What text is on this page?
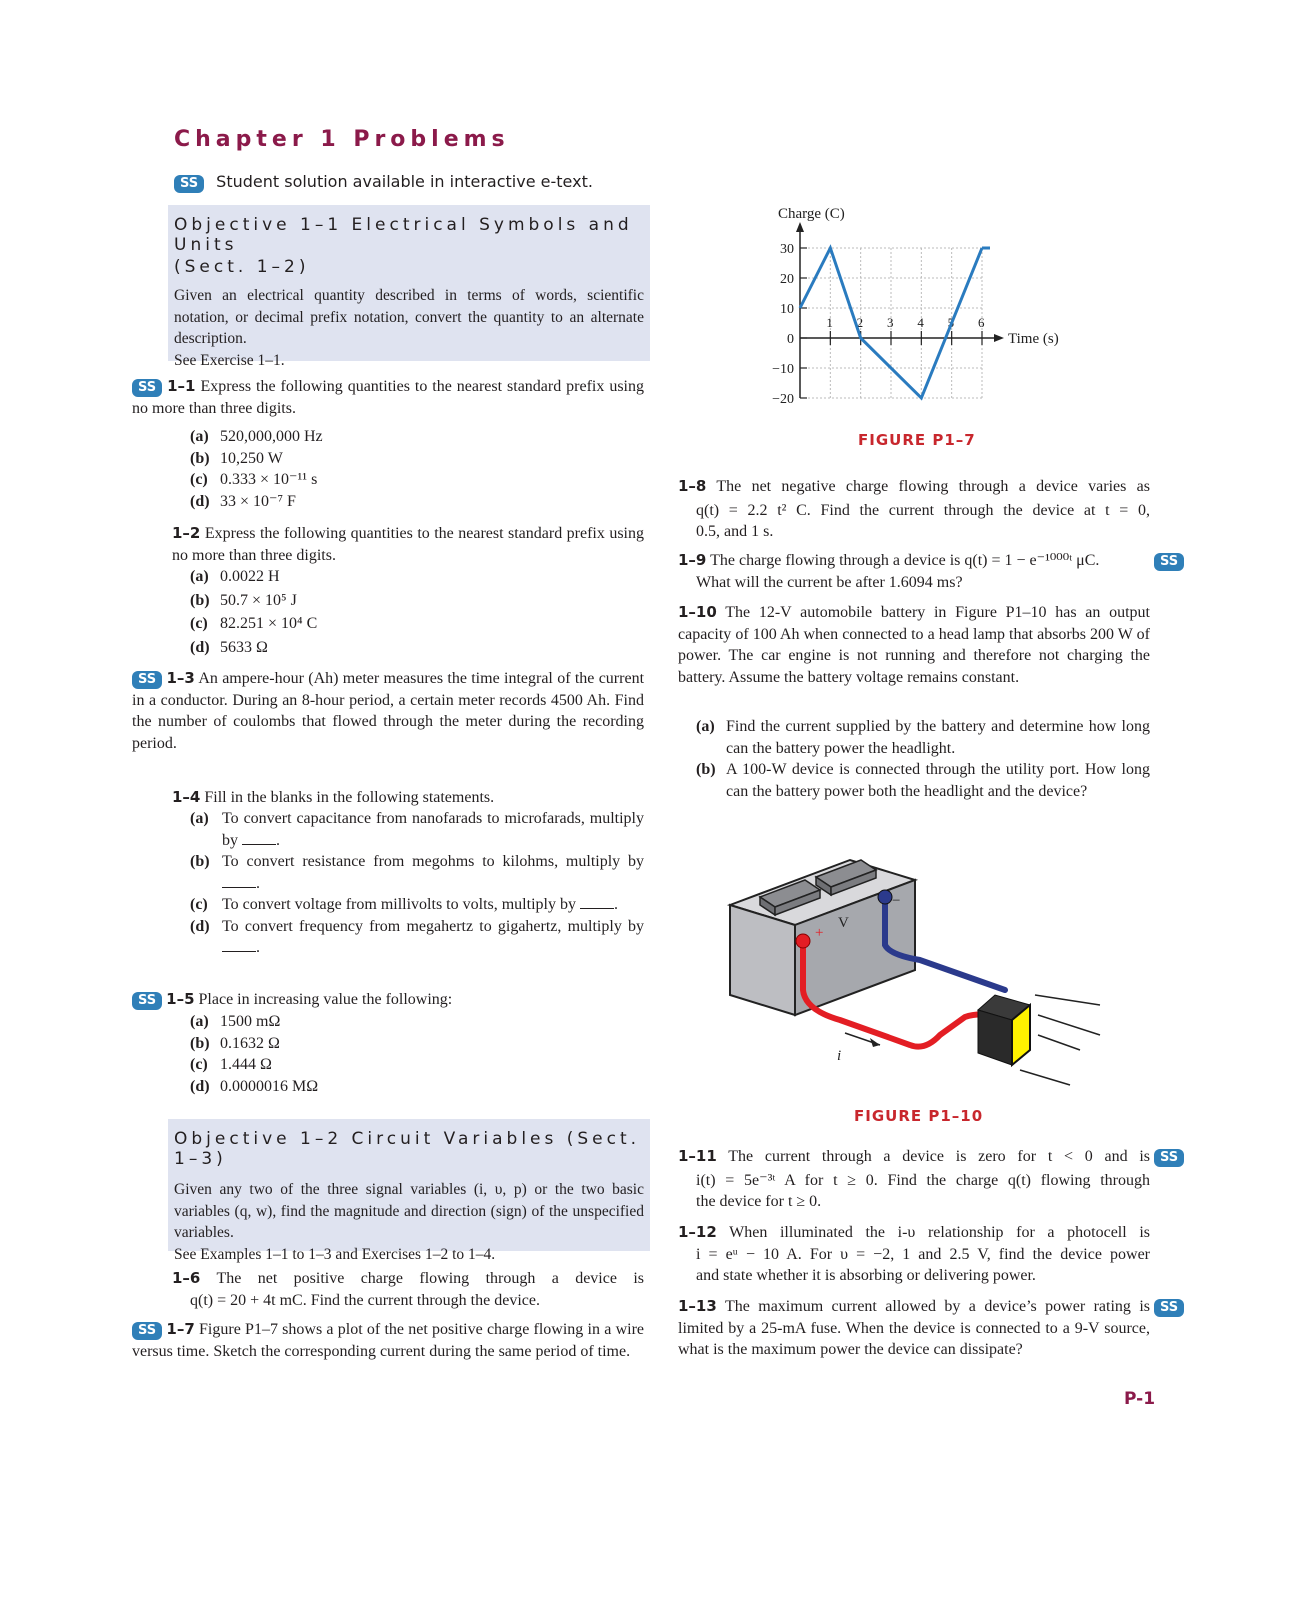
Chapter 1 Problems
SS Student solution available in interactive e-text.
Objective 1–1 Electrical Symbols and Units
(Sect. 1–2)
Given an electrical quantity described in terms of words, scientific notation, or decimal prefix notation, convert the quantity to an alternate description.
See Exercise 1–1.
SS 1–1 Express the following quantities to the nearest standard prefix using no more than three digits.
(a) 520,000,000 Hz
(b) 10,250 W
(c) 0.333 × 10⁻¹¹ s
(d) 33 × 10⁻⁷ F
1–2 Express the following quantities to the nearest standard prefix using no more than three digits.
(a) 0.0022 H
(b) 50.7 × 10⁵ J
(c) 82.251 × 10⁴ C
(d) 5633 Ω
SS 1–3 An ampere-hour (Ah) meter measures the time integral of the current in a conductor. During an 8-hour period, a certain meter records 4500 Ah. Find the number of coulombs that flowed through the meter during the recording period.
1–4 Fill in the blanks in the following statements.
(a) To convert capacitance from nanofarads to microfarads, multiply by .
(b) To convert resistance from megohms to kilohms, multiply by .
(c) To convert voltage from millivolts to volts, multiply by .
(d) To convert frequency from megahertz to gigahertz, multiply by .
SS 1–5 Place in increasing value the following:
(a) 1500 mΩ
(b) 0.1632 Ω
(c) 1.444 Ω
(d) 0.0000016 MΩ
Objective 1–2 Circuit Variables (Sect. 1–3)
Given any two of the three signal variables (i, υ, p) or the two basic variables (q, w), find the magnitude and direction (sign) of the unspecified variables.
See Examples 1–1 to 1–3 and Exercises 1–2 to 1–4.
1–6 The net positive charge flowing through a device is
q(t) = 20 + 4t mC. Find the current through the device.
SS 1–7 Figure P1–7 shows a plot of the net positive charge flowing in a wire versus time. Sketch the corresponding current during the same period of time.
1 2 3 4 5 6
30
20
10
0
−10
−20
Charge (C)
Time (s)
FIGURE P1–7
1–8 The net negative charge flowing through a device varies as
q(t) = 2.2 t² C. Find the current through the device at t = 0,
0.5, and 1 s.
1–9 The charge flowing through a device is q(t) = 1 − e⁻¹⁰⁰⁰ᵗ μC.
What will the current be after 1.6094 ms?
SS
1–10 The 12-V automobile battery in Figure P1–10 has an output capacity of 100 Ah when connected to a head lamp that absorbs 200 W of power. The car engine is not running and therefore not charging the battery. Assume the battery voltage remains constant.
(a) Find the current supplied by the battery and determine how long can the battery power the headlight.
(b) A 100-W device is connected through the utility port. How long can the battery power both the headlight and the device?
+
−
V
i
FIGURE P1–10
1–11 The current through a device is zero for t < 0 and is
i(t) = 5e⁻³ᵗ A for t ≥ 0. Find the charge q(t) flowing through
the device for t ≥ 0.
SS
1–12 When illuminated the i-υ relationship for a photocell is
i = eᵘ − 10 A. For υ = −2, 1 and 2.5 V, find the device power
and state whether it is absorbing or delivering power.
1–13 The maximum current allowed by a device’s power rating is limited by a 25-mA fuse. When the device is connected to a 9-V source, what is the maximum power the device can dissipate?
SS
P-1
